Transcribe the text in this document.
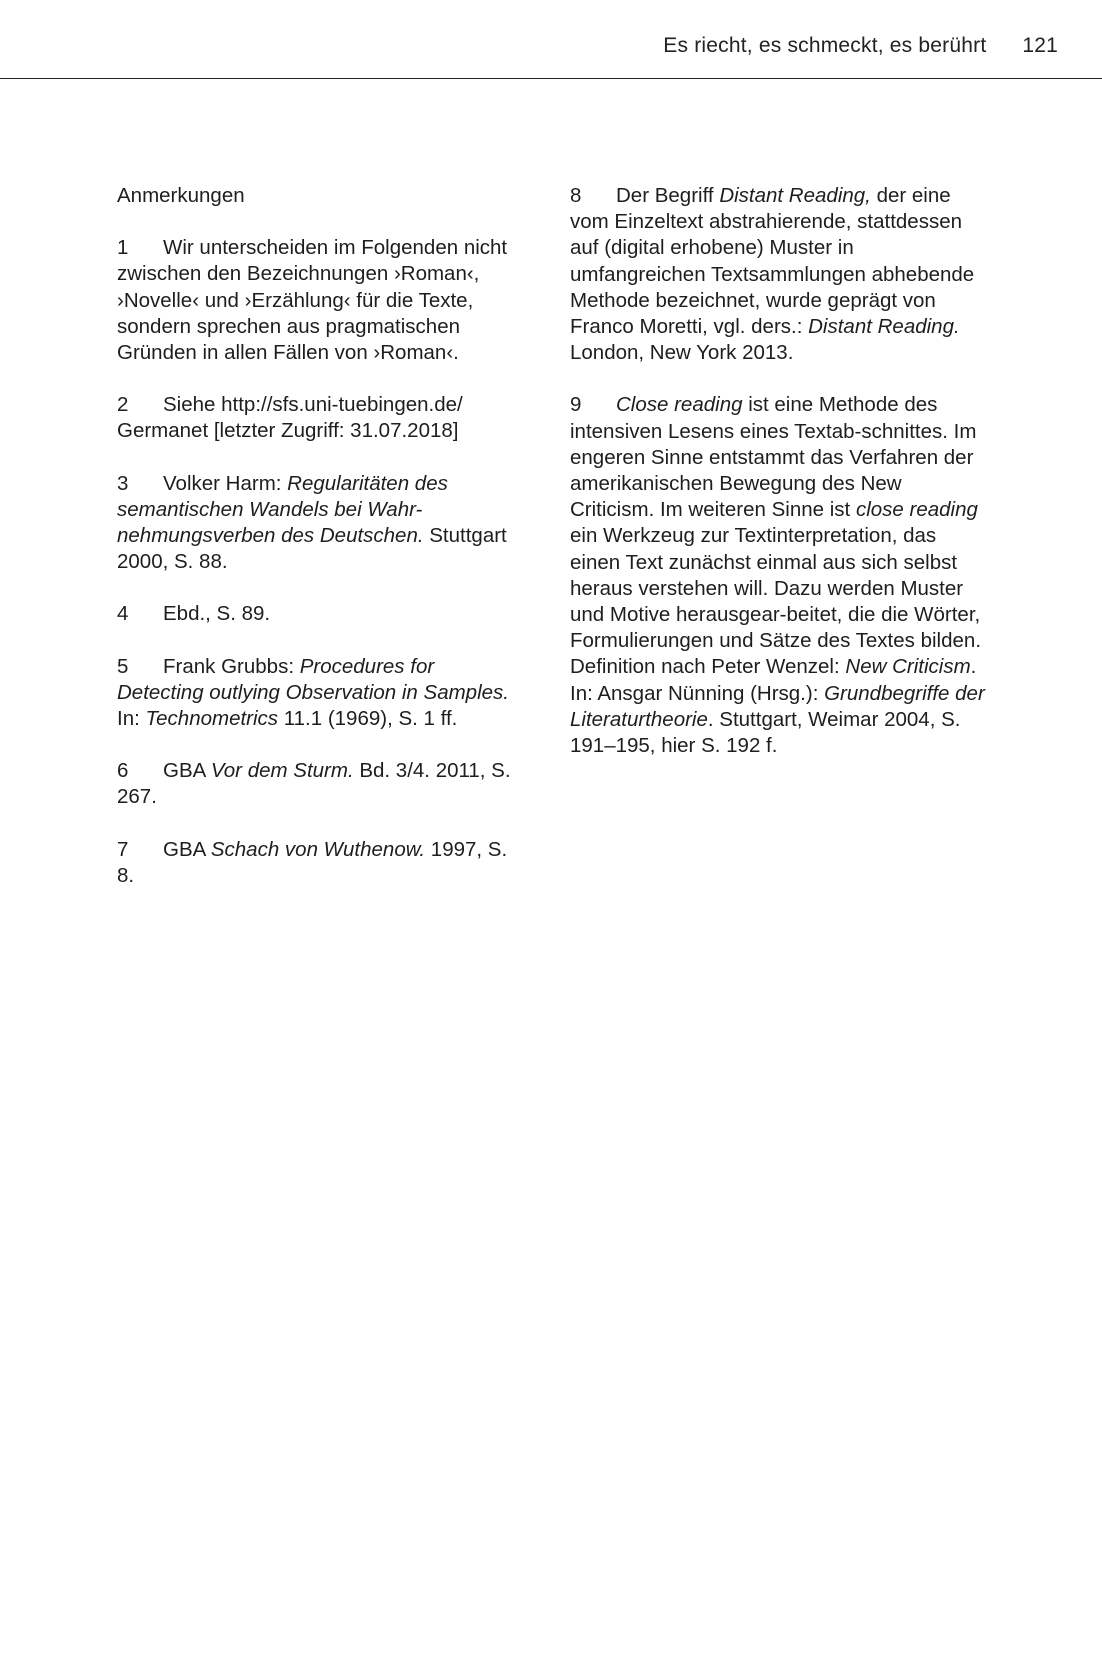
Es riecht, es schmeckt, es berührt 121

Anmerkungen

1 Wir unterscheiden im Folgenden nicht zwischen den Bezeichnungen ›Roman‹, ›Novelle‹ und ›Erzählung‹ für die Texte, sondern sprechen aus pragmatischen Gründen in allen Fällen von ›Roman‹.

2 Siehe http://sfs.uni-tuebingen.de/ Germanet [letzter Zugriff: 31.07.2018]

3 Volker Harm: Regularitäten des semantischen Wandels bei Wahr-nehmungsverben des Deutschen. Stuttgart 2000, S. 88.

4 Ebd., S. 89.

5 Frank Grubbs: Procedures for Detecting outlying Observation in Samples. In: Technometrics 11.1 (1969), S. 1 ff.

6 GBA Vor dem Sturm. Bd. 3/4. 2011, S. 267.

7 GBA Schach von Wuthenow. 1997, S. 8.

8 Der Begriff Distant Reading, der eine vom Einzeltext abstrahierende, stattdessen auf (digital erhobene) Muster in umfangreichen Textsammlungen abhebende Methode bezeichnet, wurde geprägt von Franco Moretti, vgl. ders.: Distant Reading. London, New York 2013.

9 Close reading ist eine Methode des intensiven Lesens eines Textab-schnittes. Im engeren Sinne entstammt das Verfahren der amerikanischen Bewegung des New Criticism. Im weiteren Sinne ist close reading ein Werkzeug zur Textinterpretation, das einen Text zunächst einmal aus sich selbst heraus verstehen will. Dazu werden Muster und Motive herausgear-beitet, die die Wörter, Formulierungen und Sätze des Textes bilden. Definition nach Peter Wenzel: New Criticism. In: Ansgar Nünning (Hrsg.): Grundbegriffe der Literaturtheorie. Stuttgart, Weimar 2004, S. 191–195, hier S. 192 f.
